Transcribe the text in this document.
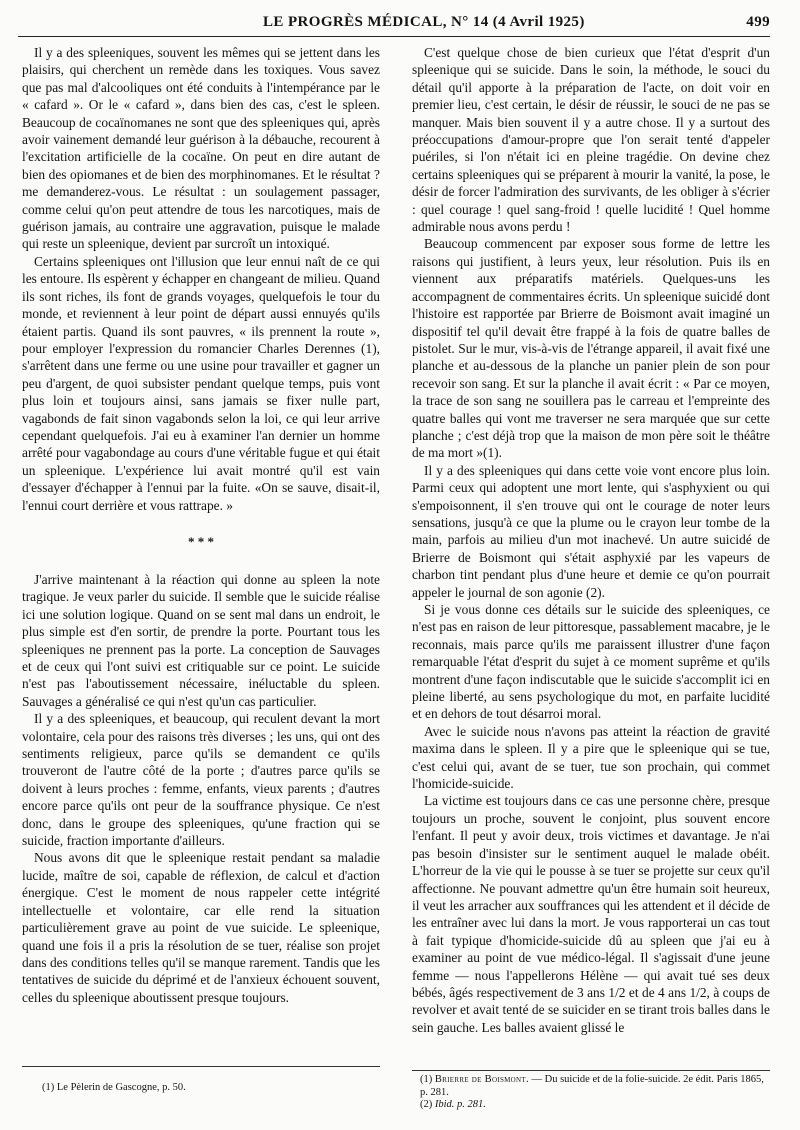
LE PROGRÈS MÉDICAL, N° 14 (4 Avril 1925)	499

Il y a des spleeniques, souvent les mêmes qui se jettent dans les plaisirs, qui cherchent un remède dans les toxiques. Vous savez que pas mal d'alcooliques ont été conduits à l'intempérance par le « cafard ». Or le « cafard », dans bien des cas, c'est le spleen. Beaucoup de cocaïnomanes ne sont que des spleeniques qui, après avoir vainement demandé leur guérison à la débauche, recourent à l'excitation artificielle de la cocaïne. On peut en dire autant de bien des opiomanes et de bien des morphinomanes. Et le résultat ? me demanderez-vous. Le résultat : un soulagement passager, comme celui qu'on peut attendre de tous les narcotiques, mais de guérison jamais, au contraire une aggravation, puisque le malade qui reste un spleenique, devient par surcroît un intoxiqué.

Certains spleeniques ont l'illusion que leur ennui naît de ce qui les entoure. Ils espèrent y échapper en changeant de milieu. Quand ils sont riches, ils font de grands voyages, quelquefois le tour du monde, et reviennent à leur point de départ aussi ennuyés qu'ils étaient partis. Quand ils sont pauvres, « ils prennent la route », pour employer l'expression du romancier Charles Derennes (1), s'arrêtent dans une ferme ou une usine pour travailler et gagner un peu d'argent, de quoi subsister pendant quelque temps, puis vont plus loin et toujours ainsi, sans jamais se fixer nulle part, vagabonds de fait sinon vagabonds selon la loi, ce qui leur arrive cependant quelquefois. J'ai eu à examiner l'an dernier un homme arrêté pour vagabondage au cours d'une véritable fugue et qui était un spleenique. L'expérience lui avait montré qu'il est vain d'essayer d'échapper à l'ennui par la fuite. «On se sauve, disait-il, l'ennui court derrière et vous rattrape. »

* * *

J'arrive maintenant à la réaction qui donne au spleen la note tragique. Je veux parler du suicide. Il semble que le suicide réalise ici une solution logique. Quand on se sent mal dans un endroit, le plus simple est d'en sortir, de prendre la porte. Pourtant tous les spleeniques ne prennent pas la porte. La conception de Sauvages et de ceux qui l'ont suivi est critiquable sur ce point. Le suicide n'est pas l'aboutissement nécessaire, inéluctable du spleen. Sauvages a généralisé ce qui n'est qu'un cas particulier.

Il y a des spleeniques, et beaucoup, qui reculent devant la mort volontaire, cela pour des raisons très diverses ; les uns, qui ont des sentiments religieux, parce qu'ils se demandent ce qu'ils trouveront de l'autre côté de la porte ; d'autres parce qu'ils se doivent à leurs proches : femme, enfants, vieux parents ; d'autres encore parce qu'ils ont peur de la souffrance physique. Ce n'est donc, dans le groupe des spleeniques, qu'une fraction qui se suicide, fraction importante d'ailleurs.

Nous avons dit que le spleenique restait pendant sa maladie lucide, maître de soi, capable de réflexion, de calcul et d'action énergique. C'est le moment de nous rappeler cette intégrité intellectuelle et volontaire, car elle rend la situation particulièrement grave au point de vue suicide. Le spleenique, quand une fois il a pris la résolution de se tuer, réalise son projet dans des conditions telles qu'il se manque rarement. Tandis que les tentatives de suicide du déprimé et de l'anxieux échouent souvent, celles du spleenique aboutissent presque toujours.

C'est quelque chose de bien curieux que l'état d'esprit d'un spleenique qui se suicide. Dans le soin, la méthode, le souci du détail qu'il apporte à la préparation de l'acte, on doit voir en premier lieu, c'est certain, le désir de réussir, le souci de ne pas se manquer. Mais bien souvent il y a autre chose. Il y a surtout des préoccupations d'amour-propre que l'on serait tenté d'appeler puériles, si l'on n'était ici en pleine tragédie. On devine chez certains spleeniques qui se préparent à mourir la vanité, la pose, le désir de forcer l'admiration des survivants, de les obliger à s'écrier : quel courage ! quel sang-froid ! quelle lucidité ! Quel homme admirable nous avons perdu !

Beaucoup commencent par exposer sous forme de lettre les raisons qui justifient, à leurs yeux, leur résolution. Puis ils en viennent aux préparatifs matériels. Quelques-uns les accompagnent de commentaires écrits. Un spleenique suicidé dont l'histoire est rapportée par Brierre de Boismont avait imaginé un dispositif tel qu'il devait être frappé à la fois de quatre balles de pistolet. Sur le mur, vis-à-vis de l'étrange appareil, il avait fixé une planche et au-dessous de la planche un panier plein de son pour recevoir son sang. Et sur la planche il avait écrit : « Par ce moyen, la trace de son sang ne souillera pas le carreau et l'empreinte des quatre balles qui vont me traverser ne sera marquée que sur cette planche ; c'est déjà trop que la maison de mon père soit le théâtre de ma mort »(1).

Il y a des spleeniques qui dans cette voie vont encore plus loin. Parmi ceux qui adoptent une mort lente, qui s'asphyxient ou qui s'empoisonnent, il s'en trouve qui ont le courage de noter leurs sensations, jusqu'à ce que la plume ou le crayon leur tombe de la main, parfois au milieu d'un mot inachevé. Un autre suicidé de Brierre de Boismont qui s'était asphyxié par les vapeurs de charbon tint pendant plus d'une heure et demie ce qu'on pourrait appeler le journal de son agonie (2).

Si je vous donne ces détails sur le suicide des spleeniques, ce n'est pas en raison de leur pittoresque, passablement macabre, je le reconnais, mais parce qu'ils me paraissent illustrer d'une façon remarquable l'état d'esprit du sujet à ce moment suprême et qu'ils montrent d'une façon indiscutable que le suicide s'accomplit ici en pleine liberté, au sens psychologique du mot, en parfaite lucidité et en dehors de tout désarroi moral.

Avec le suicide nous n'avons pas atteint la réaction de gravité maxima dans le spleen. Il y a pire que le spleenique qui se tue, c'est celui qui, avant de se tuer, tue son prochain, qui commet l'homicide-suicide.

La victime est toujours dans ce cas une personne chère, presque toujours un proche, souvent le conjoint, plus souvent encore l'enfant. Il peut y avoir deux, trois victimes et davantage. Je n'ai pas besoin d'insister sur le sentiment auquel le malade obéit. L'horreur de la vie qui le pousse à se tuer se projette sur ceux qu'il affectionne. Ne pouvant admettre qu'un être humain soit heureux, il veut les arracher aux souffrances qui les attendent et il décide de les entraîner avec lui dans la mort. Je vous rapporterai un cas tout à fait typique d'homicide-suicide dû au spleen que j'ai eu à examiner au point de vue médico-légal. Il s'agissait d'une jeune femme — nous l'appellerons Hélène — qui avait tué ses deux bébés, âgés respectivement de 3 ans 1/2 et de 4 ans 1/2, à coups de revolver et avait tenté de se suicider en se tirant trois balles dans le sein gauche. Les balles avaient glissé le

(1) Le Pèlerin de Gascogne, p. 50.
(1) Brierre de Boismont. — Du suicide et de la folie-suicide. 2e édit. Paris 1865, p. 281.
(2) Ibid. p. 281.
